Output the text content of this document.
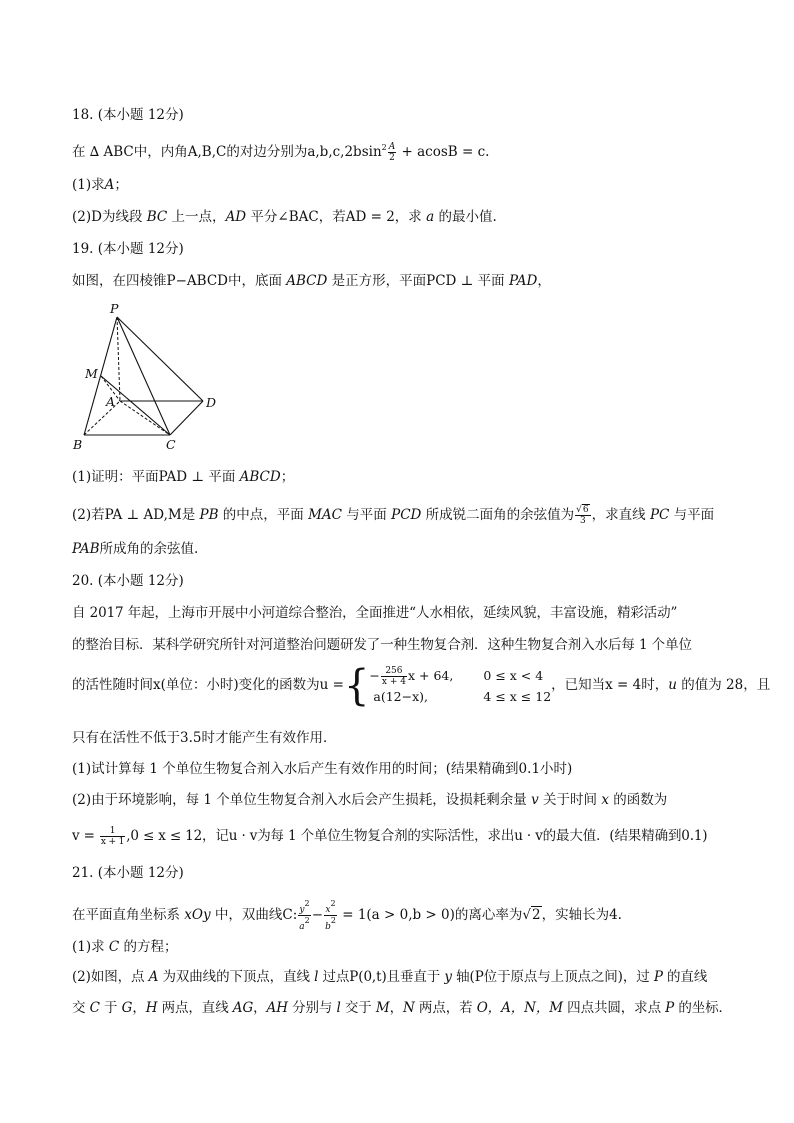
18. (本小题 12分)
在 ∆ ABC中，内角A,B,C的对边分别为$a,b,c,2bsin^2 \frac{A}{2} + acosB = c$.
(1)求A；
(2)D为线段 BC 上一点，AD 平分∠BAC，若AD = 2，求 a 的最小值.
19. (本小题 12分)
如图，在四棱锥P−ABCD中，底面 ABCD 是正方形，平面PCD ⊥ 平面 PAD，
P
M
A	D
B	C
(1)证明：平面PAD ⊥ 平面 ABCD；
(2)若PA ⊥ AD,M是 PB 的中点，平面 MAC 与平面 PCD 所成锐二面角的余弦值为 $\frac{√6}{3}$ ，求直线 PC 与平面
PAB所成角的余弦值.
20. (本小题 12分)
自 2017 年起，上海市开展中小河道综合整治，全面推进“人水相依，延续风貌，丰富设施，精彩活动”
的整治目标．某科学研究所针对河道整治问题研发了一种生物复合剂．这种生物复合剂入水后每 1 个单位
的活性随时间x(单位：小时)变化的函数为u ={ − $\frac{256}{x + 4}$ x + 64, 0 ≤ x < 4
a(12−x),	4 ≤ x ≤ 12
，已知当x = 4时，u 的值为 28，且
只有在活性不低于3.5时才能产生有效作用．
(1)试计算每 1 个单位生物复合剂入水后产生有效作用的时间；(结果精确到0.1小时)
(2)由于环境影响，每 1 个单位生物复合剂入水后会产生损耗，设损耗剩余量 v 关于时间 x 的函数为
$v = \frac{1}{x + 1} ,0 \le x \le 12$，记u · v为每 1 个单位生物复合剂的实际活性，求出u · v的最大值．(结果精确到0.1)
21. (本小题 12分)
在平面直角坐标系 xOy 中，双曲线C: $\frac{y2}{a2} - \frac{x2}{b2} = 1(a > 0,b > 0)$的离心率为√2，实轴长为4.
(1)求 C 的方程；
(2)如图，点 A 为双曲线的下顶点，直线 l 过点P(0,t)且垂直于 y 轴(P位于原点与上顶点之间)，过 P 的直线
交 C 于 G，H 两点，直线 AG，AH 分别与 l 交于 M，N 两点，若 O，A，N，M 四点共圆，求点 P 的坐标．
